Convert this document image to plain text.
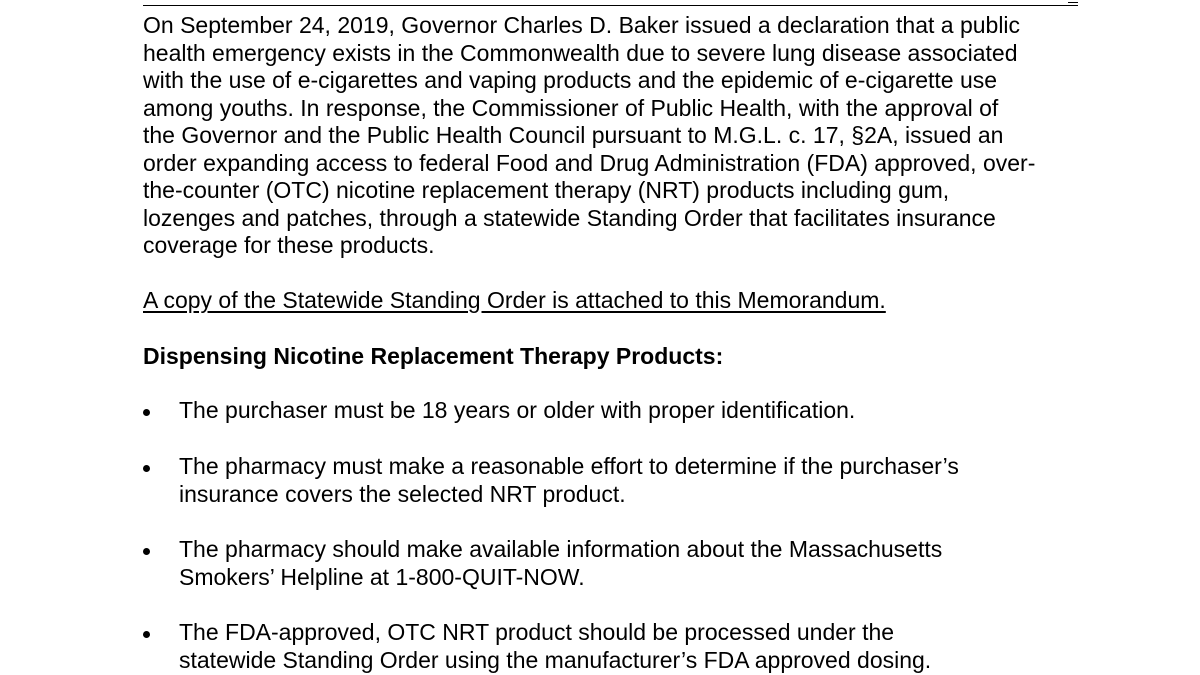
On September 24, 2019, Governor Charles D. Baker issued a declaration that a public
health emergency exists in the Commonwealth due to severe lung disease associated
with the use of e-cigarettes and vaping products and the epidemic of e-cigarette use
among youths. In response, the Commissioner of Public Health, with the approval of
the Governor and the Public Health Council pursuant to M.G.L. c. 17, §2A, issued an
order expanding access to federal Food and Drug Administration (FDA) approved, over-
the-counter (OTC) nicotine replacement therapy (NRT) products including gum,
lozenges and patches, through a statewide Standing Order that facilitates insurance
coverage for these products.

A copy of the Statewide Standing Order is attached to this Memorandum.

Dispensing Nicotine Replacement Therapy Products:
The purchaser must be 18 years or older with proper identification.
The pharmacy must make a reasonable effort to determine if the purchaser’s
insurance covers the selected NRT product.
The pharmacy should make available information about the Massachusetts
Smokers’ Helpline at 1-800-QUIT-NOW.
The FDA-approved, OTC NRT product should be processed under the
statewide Standing Order using the manufacturer’s FDA approved dosing.
